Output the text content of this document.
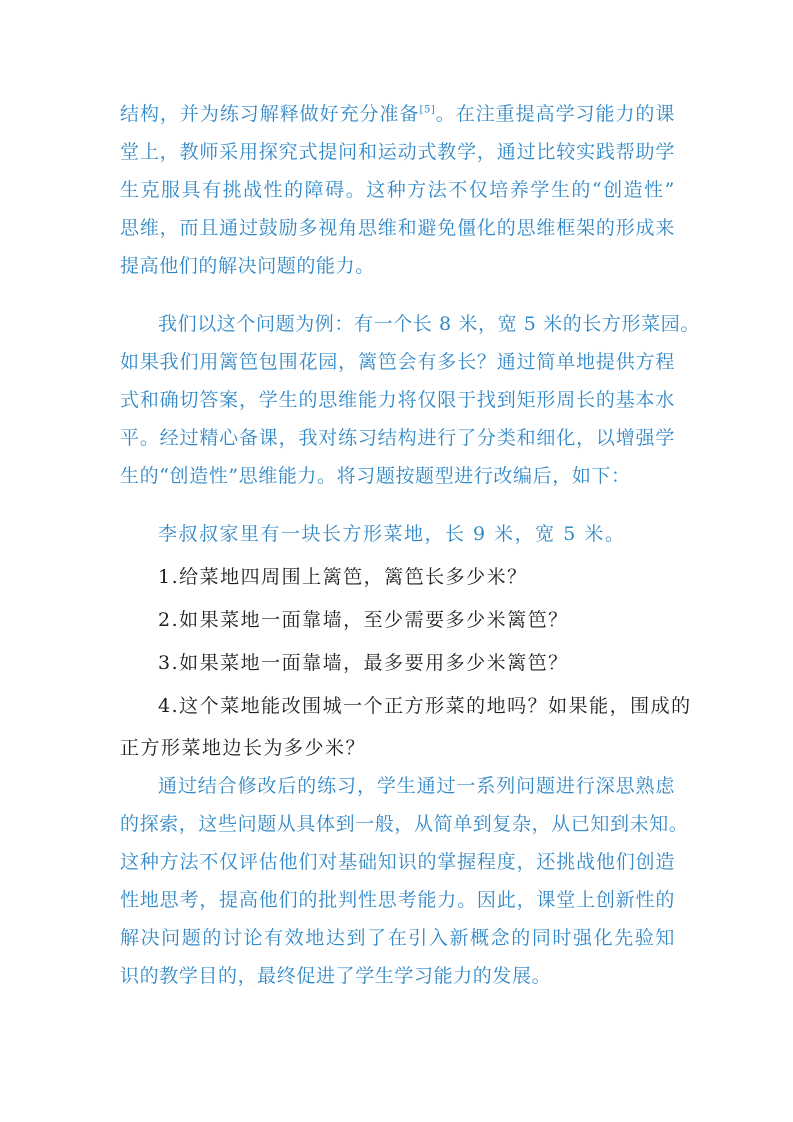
结构，并为练习解释做好充分准备[5]。在注重提高学习能力的课
堂上，教师采用探究式提问和运动式教学，通过比较实践帮助学
生克服具有挑战性的障碍。这种方法不仅培养学生的“创造性”
思维，而且通过鼓励多视角思维和避免僵化的思维框架的形成来
提高他们的解决问题的能力。
我们以这个问题为例：有一个长 8 米，宽 5 米的长方形菜园。
如果我们用篱笆包围花园，篱笆会有多长？通过简单地提供方程
式和确切答案，学生的思维能力将仅限于找到矩形周长的基本水
平。经过精心备课，我对练习结构进行了分类和细化，以增强学
生的“创造性”思维能力。将习题按题型进行改编后，如下：
李叔叔家里有一块长方形菜地，长 9 米，宽 5 米。
1.给菜地四周围上篱笆，篱笆长多少米？
2.如果菜地一面靠墙，至少需要多少米篱笆？
3.如果菜地一面靠墙，最多要用多少米篱笆？
4.这个菜地能改围城一个正方形菜的地吗？如果能，围成的
正方形菜地边长为多少米？
通过结合修改后的练习，学生通过一系列问题进行深思熟虑
的探索，这些问题从具体到一般，从简单到复杂，从已知到未知。
这种方法不仅评估他们对基础知识的掌握程度，还挑战他们创造
性地思考，提高他们的批判性思考能力。因此，课堂上创新性的
解决问题的讨论有效地达到了在引入新概念的同时强化先验知
识的教学目的，最终促进了学生学习能力的发展。
